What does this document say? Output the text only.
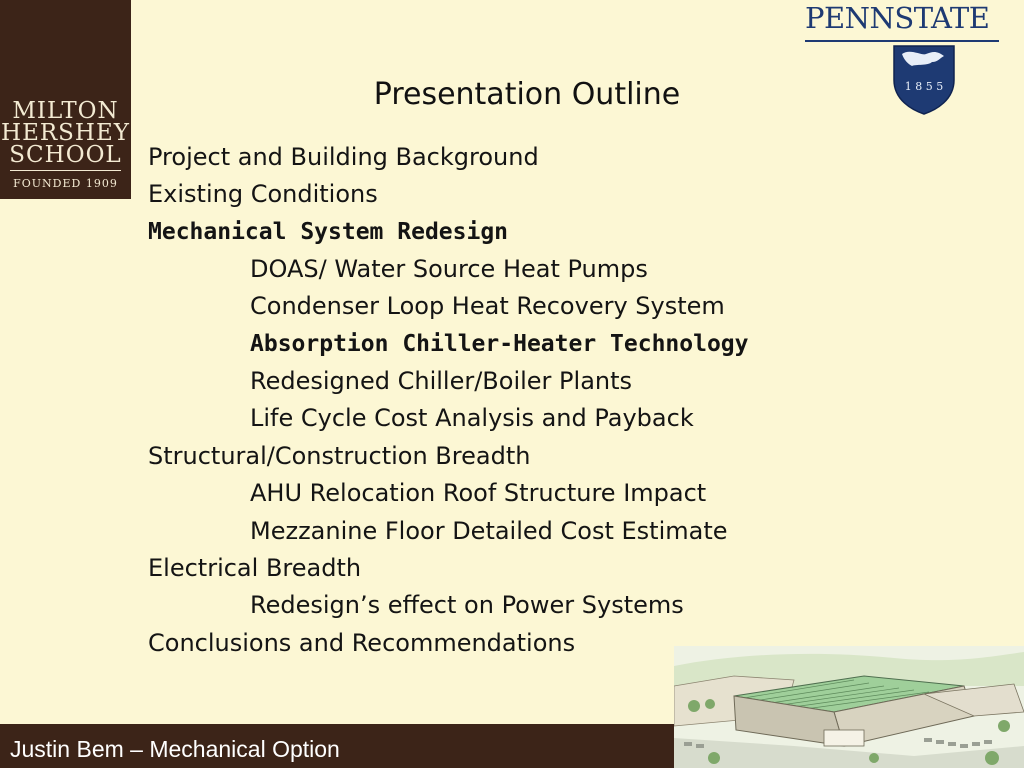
MILTON
HERSHEY
SCHOOL
FOUNDED 1909
PENNSTATE
1 8 5 5
Presentation Outline
Project and Building Background
Existing Conditions
Mechanical System Redesign
DOAS/ Water Source Heat Pumps
Condenser Loop Heat Recovery System
Absorption Chiller-Heater Technology
Redesigned Chiller/Boiler Plants
Life Cycle Cost Analysis and Payback
Structural/Construction Breadth
AHU Relocation Roof Structure Impact
Mezzanine Floor Detailed Cost Estimate
Electrical Breadth
Redesign’s effect on Power Systems
Conclusions and Recommendations
Justin Bem – Mechanical Option
